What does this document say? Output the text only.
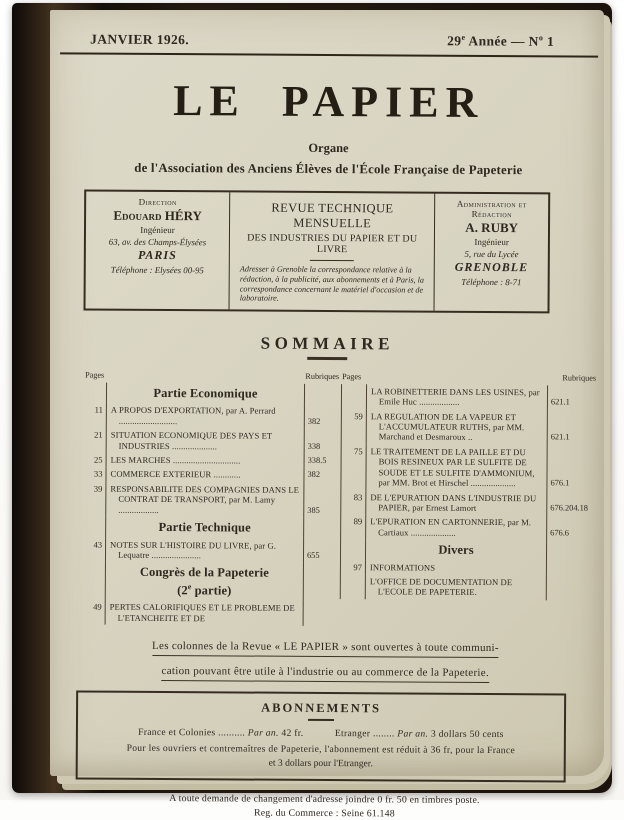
JANVIER 1926.	29e Année — $N^o$ 1
LE PAPIER
Organe
de l'Association des Anciens Élèves de l'École Française de Papeterie
Direction
Edouard HÉRY
Ingénieur
63, av. des Champs-Élysées
PARIS
Téléphone : Elysées 00-95
REVUE TECHNIQUE MENSUELLE
DES INDUSTRIES DU PAPIER ET DU LIVRE
Adresser à Grenoble la correspondance relative à la rédaction, à la publicité, aux abonnements et à Paris, la correspondance concernant le matériel d'occasion et de laboratoire.
Administration et Rédaction
A. RUBY
Ingénieur
5, rue du Lycée
GRENOBLE
Téléphone : 8-71
SOMMAIRE
Pages	Rubriques
Partie Economique
11 A PROPOS D'EXPORTATION, par A. Perrard ..........................	382
21 SITUATION ECONOMIQUE DES PAYS ET INDUSTRIES ....................	338
25 LES MARCHES ..............................	338.5
33 COMMERCE EXTERIEUR ............	382
39 RESPONSABILITE DES COMPAGNIES DANS LE CONTRAT DE TRANSPORT, par M. Lamy ..................	385
Partie Technique
43 NOTES SUR L'HISTOIRE DU LIVRE, par G. Lequatre ......................	655
Congrès de la Papeterie
(2e partie)
49 PERTES CALORIFIQUES ET LE PROBLEME DE L'ETANCHEITE ET DE
Pages	Rubriques
LA ROBINETTERIE DANS LES USINES, par Emile Huc ..................	621.1
59 LA REGULATION DE LA VAPEUR ET L'ACCUMULATEUR RUTHS, par MM. Marchand et Desmaroux ..	621.1
75 LE TRAITEMENT DE LA PAILLE ET DU BOIS RESINEUX PAR LE SULFITE DE SOUDE ET LE SULFITE D'AMMONIUM, par MM. Brot et Hirschel ....................	676.1
83 DE L'EPURATION DANS L'INDUSTRIE DU PAPIER, par Ernest Lamort	676.204.18
89 L'EPURATION EN CARTONNERIE, par M. Cartiaux ....................	676.6
Divers
97 INFORMATIONS
L'OFFICE DE DOCUMENTATION DE L'ECOLE DE PAPETERIE.
Les colonnes de la Revue « LE PAPIER » sont ouvertes à toute communi-
cation pouvant être utile à l'industrie ou au commerce de la Papeterie.
ABONNEMENTS
France et Colonies .......... Par an. 42 fr.	Etranger ........ Par an. 3 dollars 50 cents
Pour les ouvriers et contremaîtres de Papeterie, l'abonnement est réduit à 36 fr, pour la France
et 3 dollars pour l'Etranger.
A toute demande de changement d'adresse joindre 0 fr. 50 en timbres poste.
Reg. du Commerce : Seine 61.148
